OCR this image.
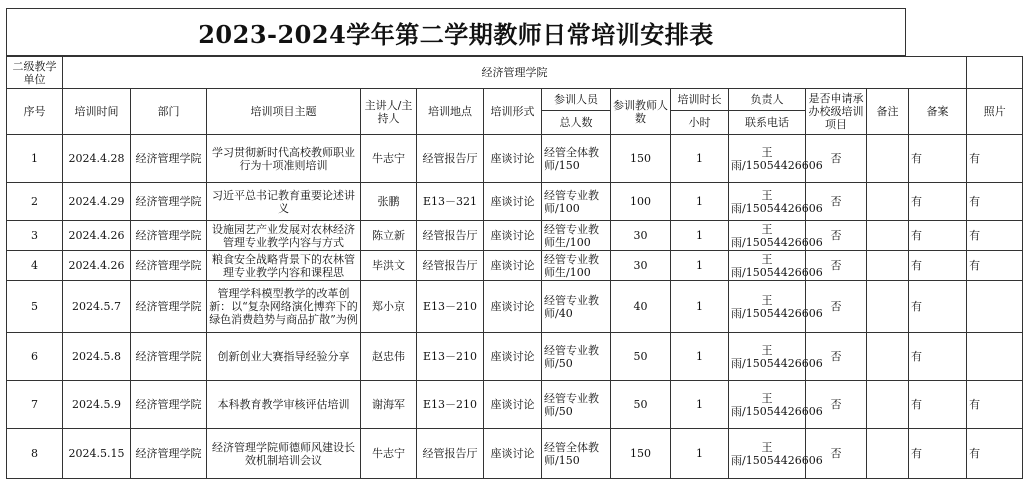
2023-2024学年第二学期教师日常培训安排表
二级教学单位	经济管理学院													
序号	培训时间	部门	培训项目主题	主讲人/主持人	培训地点	培训形式	参训人员	参训教师人数	培训时长	负责人	是否申请承办校级培训项目	备注	备案	照片
							总人数		小时	联系电话				
1	2024.4.28	经济管理学院	学习贯彻新时代高校教师职业行为十项准则培训	牛志宁	经管报告厅	座谈讨论	经管全体教师/150	150	1	王雨/15054426606	否		有	有
2	2024.4.29	经济管理学院	习近平总书记教育重要论述讲义	张鹏	E13－321	座谈讨论	经管专业教师/100	100	1	王雨/15054426606	否		有	有
3	2024.4.26	经济管理学院	设施园艺产业发展对农林经济管理专业教学内容与方式	陈立新	经管报告厅	座谈讨论	经管专业教师生/100	30	1	王雨/15054426606	否		有	有
4	2024.4.26	经济管理学院	粮食安全战略背景下的农林管理专业教学内容和课程思	毕洪文	经管报告厅	座谈讨论	经管专业教师生/100	30	1	王雨/15054426606	否		有	有
5	2024.5.7	经济管理学院	管理学科模型教学的改革创新：以“复杂网络演化博弈下的绿色消费趋势与商品扩散”为例	郑小京	E13－210	座谈讨论	经管专业教师/40	40	1	王雨/15054426606	否		有	
6	2024.5.8	经济管理学院	创新创业大赛指导经验分享	赵忠伟	E13－210	座谈讨论	经管专业教师/50	50	1	王雨/15054426606	否		有	
7	2024.5.9	经济管理学院	本科教育教学审核评估培训	谢海军	E13－210	座谈讨论	经管专业教师/50	50	1	王雨/15054426606	否		有	有
8	2024.5.15	经济管理学院	经济管理学院师德师风建设长效机制培训会议	牛志宁	经管报告厅	座谈讨论	经管全体教师/150	150	1	王雨/15054426606	否		有	有
